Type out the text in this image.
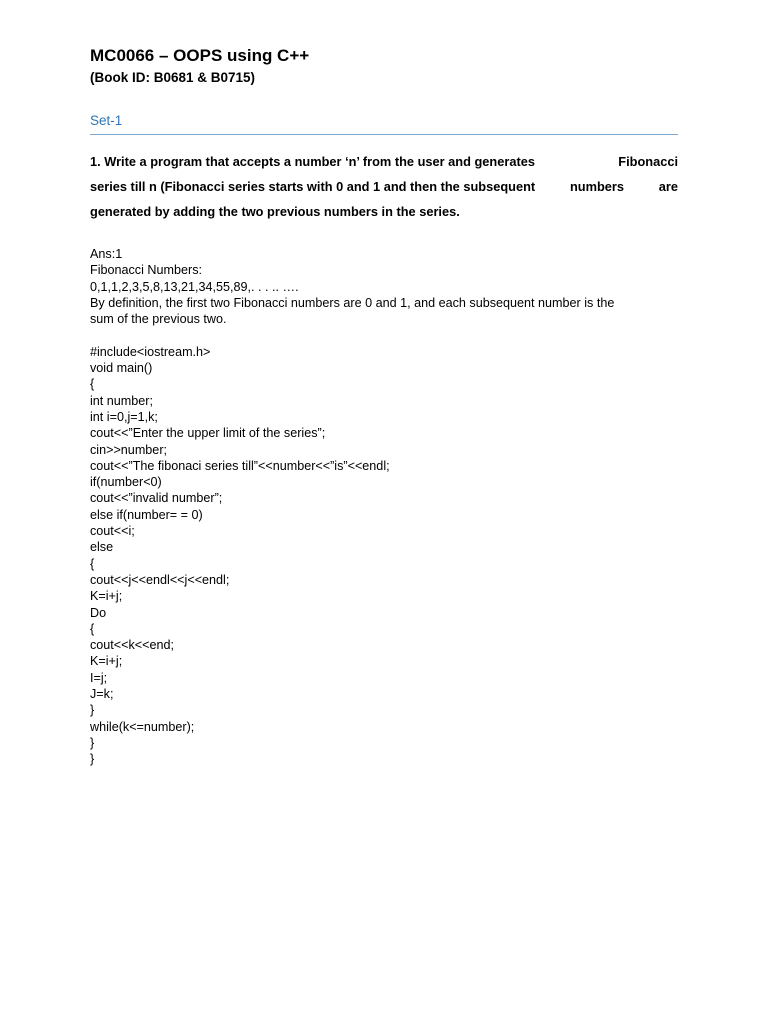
MC0066 – OOPS using C++
(Book ID: B0681 & B0715)
Set-1
1. Write a program that accepts a number ‘n’ from the user and generates	Fibonacci
series till n (Fibonacci series starts with 0 and 1 and then the subsequent	numbers	are
generated by adding the two previous numbers in the series.
Ans:1
Fibonacci Numbers:
0,1,1,2,3,5,8,13,21,34,55,89,. . . .. ….
By definition, the first two Fibonacci numbers are 0 and 1, and each subsequent number is the
sum of the previous two.
#include<iostream.h>
void main()
{
int number;
int i=0,j=1,k;
cout<<”Enter the upper limit of the series”;
cin>>number;
cout<<”The fibonaci series till”<<number<<”is”<<endl;
if(number<0)
cout<<”invalid number”;
else if(number= = 0)
cout<<i;
else
{
cout<<j<<endl<<j<<endl;
K=i+j;
Do
{
cout<<k<<end;
K=i+j;
I=j;
J=k;
}
while(k<=number);
}
}
